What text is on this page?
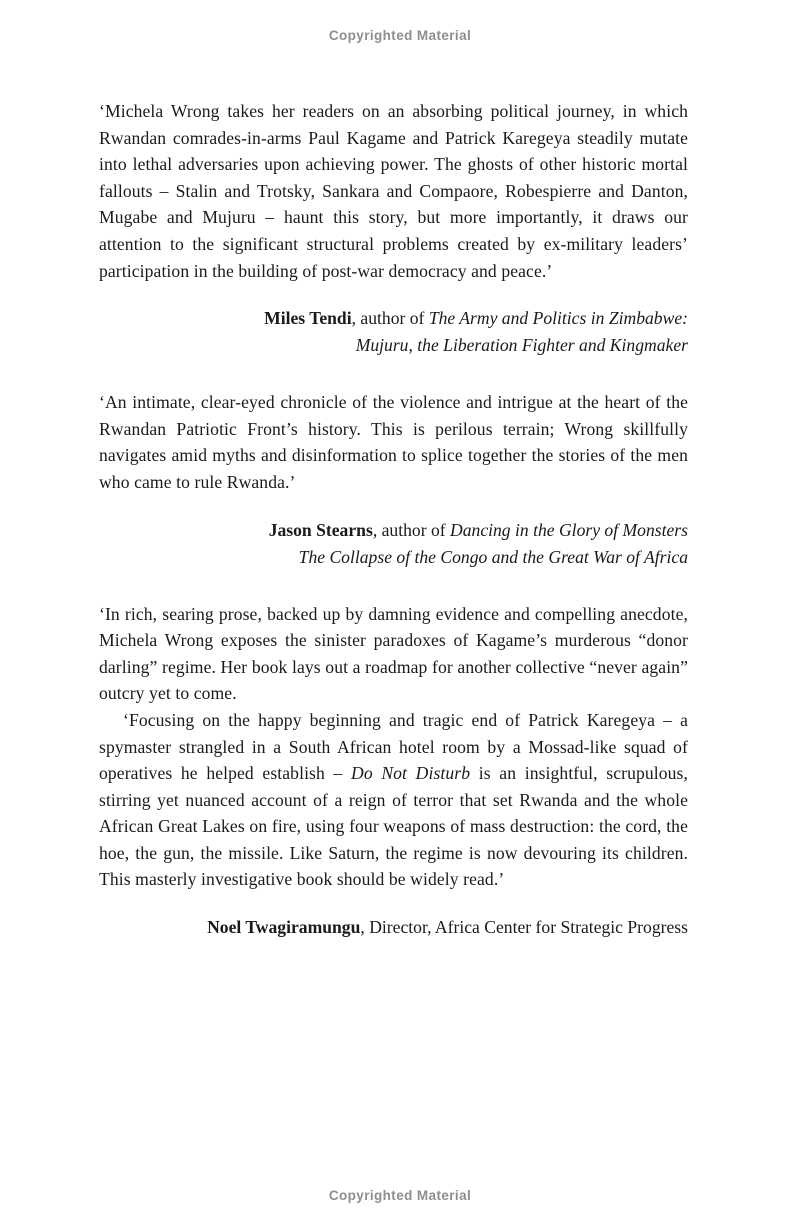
Copyrighted Material

‘Michela Wrong takes her readers on an absorbing political journey, in which Rwandan comrades-in-arms Paul Kagame and Patrick Karegeya steadily mutate into lethal adversaries upon achieving power. The ghosts of other historic mortal fallouts – Stalin and Trotsky, Sankara and Compaore, Robespierre and Danton, Mugabe and Mujuru – haunt this story, but more importantly, it draws our attention to the significant structural problems created by ex-military leaders’ participation in the building of post-war democracy and peace.’

Miles Tendi, author of The Army and Politics in Zimbabwe:
Mujuru, the Liberation Fighter and Kingmaker

‘An intimate, clear-eyed chronicle of the violence and intrigue at the heart of the Rwandan Patriotic Front’s history. This is perilous terrain; Wrong skillfully navigates amid myths and disinformation to splice together the stories of the men who came to rule Rwanda.’

Jason Stearns, author of Dancing in the Glory of Monsters
The Collapse of the Congo and the Great War of Africa

‘In rich, searing prose, backed up by damning evidence and compelling anecdote, Michela Wrong exposes the sinister paradoxes of Kagame’s murderous “donor darling” regime. Her book lays out a roadmap for another collective “never again” outcry yet to come.

‘Focusing on the happy beginning and tragic end of Patrick Karegeya – a spymaster strangled in a South African hotel room by a Mossad-like squad of operatives he helped establish – Do Not Disturb is an insightful, scrupulous, stirring yet nuanced account of a reign of terror that set Rwanda and the whole African Great Lakes on fire, using four weapons of mass destruction: the cord, the hoe, the gun, the missile. Like Saturn, the regime is now devouring its children. This masterly investigative book should be widely read.’

Noel Twagiramungu, Director, Africa Center for Strategic Progress

Copyrighted Material
